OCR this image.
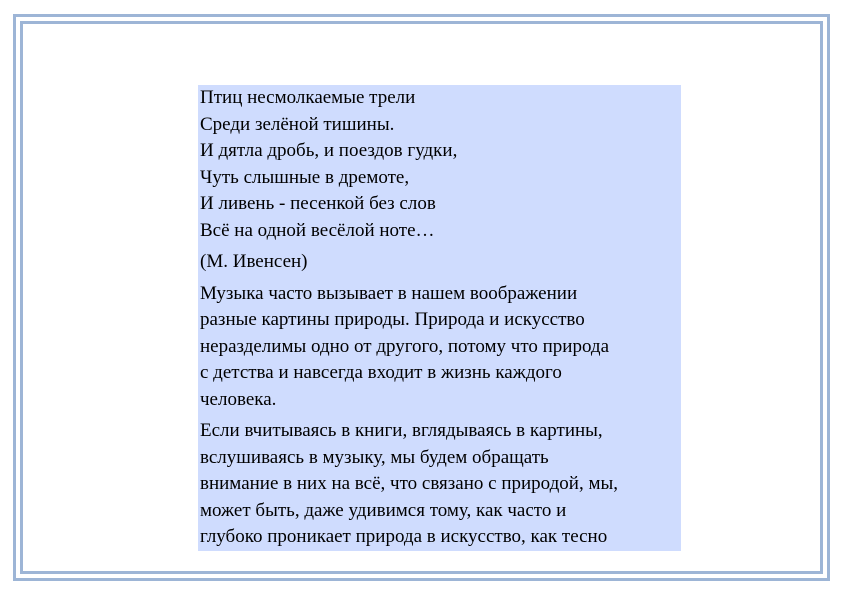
Птиц несмолкаемые трели
Среди зелёной тишины.
И дятла дробь, и поездов гудки,
Чуть слышные в дремоте,
И ливень - песенкой без слов
Всё на одной весёлой ноте…
(М. Ивенсен)
Музыка часто вызывает в нашем воображении
разные картины природы. Природа и искусство
неразделимы одно от другого, потому что природа
с детства и навсегда входит в жизнь каждого
человека.
Если вчитываясь в книги, вглядываясь в картины,
вслушиваясь в музыку, мы будем обращать
внимание в них на всё, что связано с природой, мы,
может быть, даже удивимся тому, как часто и
глубоко проникает природа в искусство, как тесно
